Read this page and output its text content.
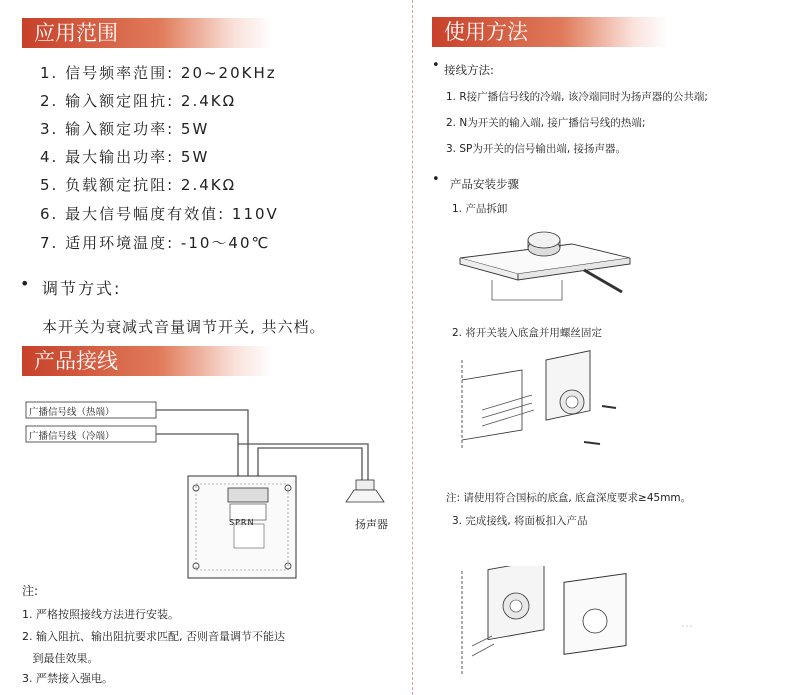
应用范围
1. 信号频率范围: 20~20KHz
2. 输入额定阻抗: 2.4KΩ
3. 输入额定功率: 5W
4. 最大输出功率: 5W
5. 负载额定抗阻: 2.4KΩ
6. 最大信号幅度有效值: 110V
7. 适用环境温度: -10～40℃
• 调节方式:
本开关为衰减式音量调节开关, 共六档。
产品接线
广播信号线（热端）
广播信号线（冷端）
SPRN	扬声器
注:
1. 严格按照接线方法进行安装。
2. 输入阻抗、输出阻抗要求匹配, 否则音量调节不能达
到最佳效果。
3. 严禁接入强电。
使用方法
• 接线方法:
1. R接广播信号线的冷端, 该冷端同时为扬声器的公共端;
2. N为开关的输入端, 接广播信号线的热端;
3. SP为开关的信号输出端, 接扬声器。
• 产品安装步骤
1. 产品拆卸
2. 将开关装入底盒并用螺丝固定
注: 请使用符合国标的底盒, 底盒深度要求≥45mm。
3. 完成接线, 将面板扣入产品
